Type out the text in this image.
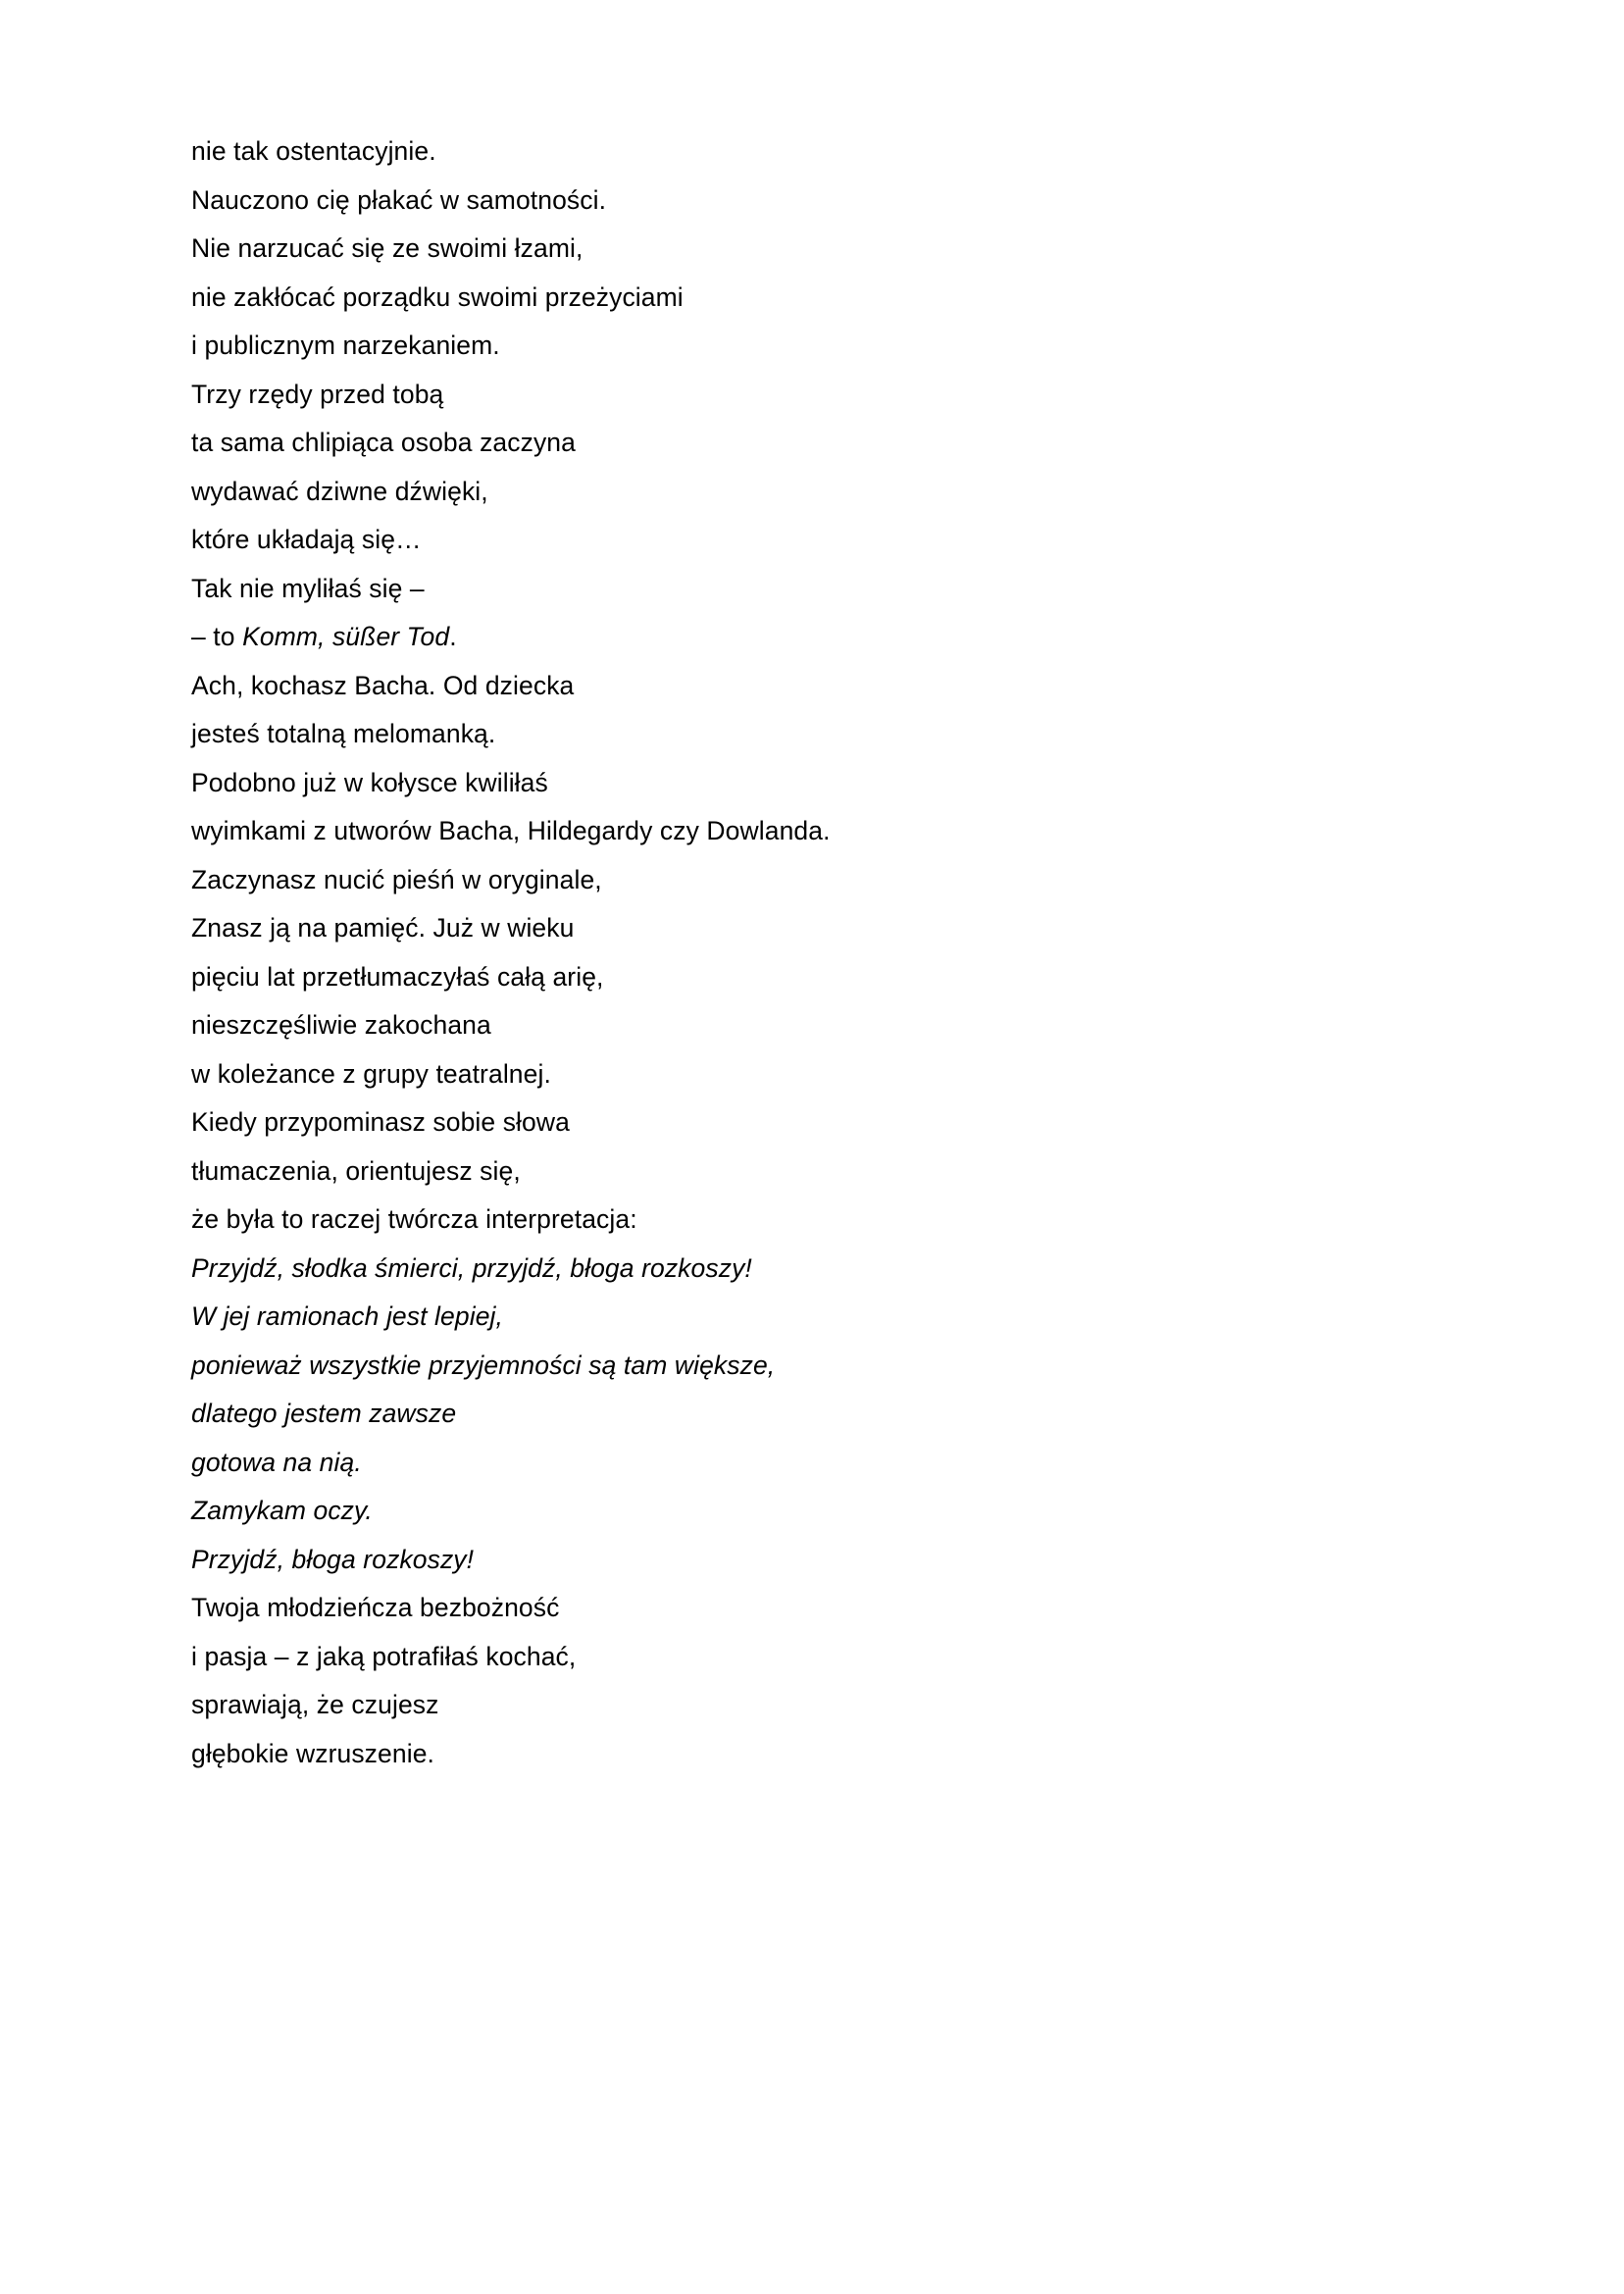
nie tak ostentacyjnie.
Nauczono cię płakać w samotności.
Nie narzucać się ze swoimi łzami,
nie zakłócać porządku swoimi przeżyciami
i publicznym narzekaniem.
Trzy rzędy przed tobą
ta sama chlipiąca osoba zaczyna
wydawać dziwne dźwięki,
które układają się…
Tak nie myliłaś się –
– to Komm, süßer Tod.
Ach, kochasz Bacha. Od dziecka
jesteś totalną melomanką.
Podobno już w kołysce kwiliłaś
wyimkami z utworów Bacha, Hildegardy czy Dowlanda.
Zaczynasz nucić pieśń w oryginale,
Znasz ją na pamięć. Już w wieku
pięciu lat przetłumaczyłaś całą arię,
nieszczęśliwie zakochana
w koleżance z grupy teatralnej.
Kiedy przypominasz sobie słowa
tłumaczenia, orientujesz się,
że była to raczej twórcza interpretacja:
Przyjdź, słodka śmierci, przyjdź, błoga rozkoszy!
W jej ramionach jest lepiej,
ponieważ wszystkie przyjemności są tam większe,
dlatego jestem zawsze
gotowa na nią.
Zamykam oczy.
Przyjdź, błoga rozkoszy!
Twoja młodzieńcza bezbożność
i pasja – z jaką potrafiłaś kochać,
sprawiają, że czujesz
głębokie wzruszenie.
